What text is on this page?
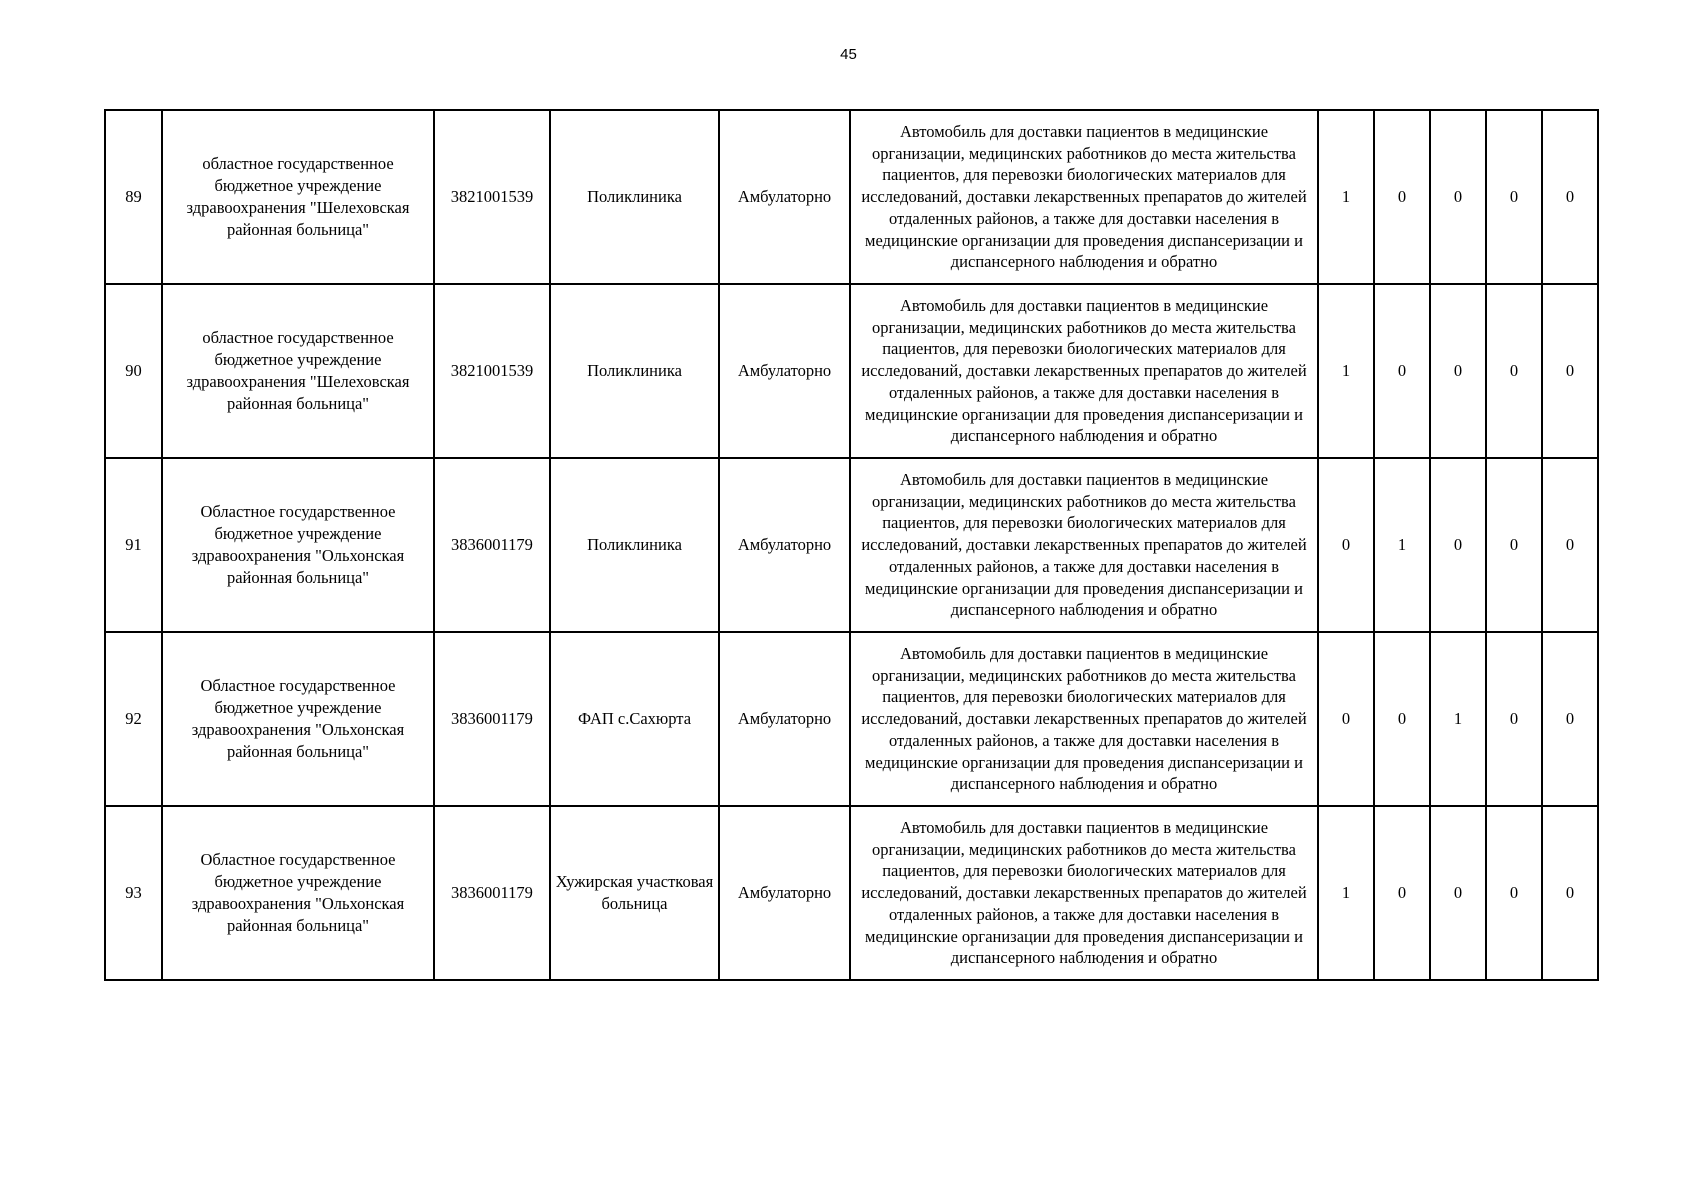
45
89	областное государственное бюджетное учреждение здравоохранения "Шелеховская районная больница"	3821001539	Поликлиника	Амбулаторно	Автомобиль для доставки пациентов в медицинские организации, медицинских работников до места жительства пациентов, для перевозки биологических материалов для исследований, доставки лекарственных препаратов до жителей отдаленных районов, а также для доставки населения в медицинские организации для проведения диспансеризации и диспансерного наблюдения и обратно	1	0	0	0	0
90	областное государственное бюджетное учреждение здравоохранения "Шелеховская районная больница"	3821001539	Поликлиника	Амбулаторно	Автомобиль для доставки пациентов в медицинские организации, медицинских работников до места жительства пациентов, для перевозки биологических материалов для исследований, доставки лекарственных препаратов до жителей отдаленных районов, а также для доставки населения в медицинские организации для проведения диспансеризации и диспансерного наблюдения и обратно	1	0	0	0	0
91	Областное государственное бюджетное учреждение здравоохранения "Ольхонская районная больница"	3836001179	Поликлиника	Амбулаторно	Автомобиль для доставки пациентов в медицинские организации, медицинских работников до места жительства пациентов, для перевозки биологических материалов для исследований, доставки лекарственных препаратов до жителей отдаленных районов, а также для доставки населения в медицинские организации для проведения диспансеризации и диспансерного наблюдения и обратно	0	1	0	0	0
92	Областное государственное бюджетное учреждение здравоохранения "Ольхонская районная больница"	3836001179	ФАП с.Сахюрта	Амбулаторно	Автомобиль для доставки пациентов в медицинские организации, медицинских работников до места жительства пациентов, для перевозки биологических материалов для исследований, доставки лекарственных препаратов до жителей отдаленных районов, а также для доставки населения в медицинские организации для проведения диспансеризации и диспансерного наблюдения и обратно	0	0	1	0	0
93	Областное государственное бюджетное учреждение здравоохранения "Ольхонская районная больница"	3836001179	Хужирская участковая больница	Амбулаторно	Автомобиль для доставки пациентов в медицинские организации, медицинских работников до места жительства пациентов, для перевозки биологических материалов для исследований, доставки лекарственных препаратов до жителей отдаленных районов, а также для доставки населения в медицинские организации для проведения диспансеризации и диспансерного наблюдения и обратно	1	0	0	0	0
